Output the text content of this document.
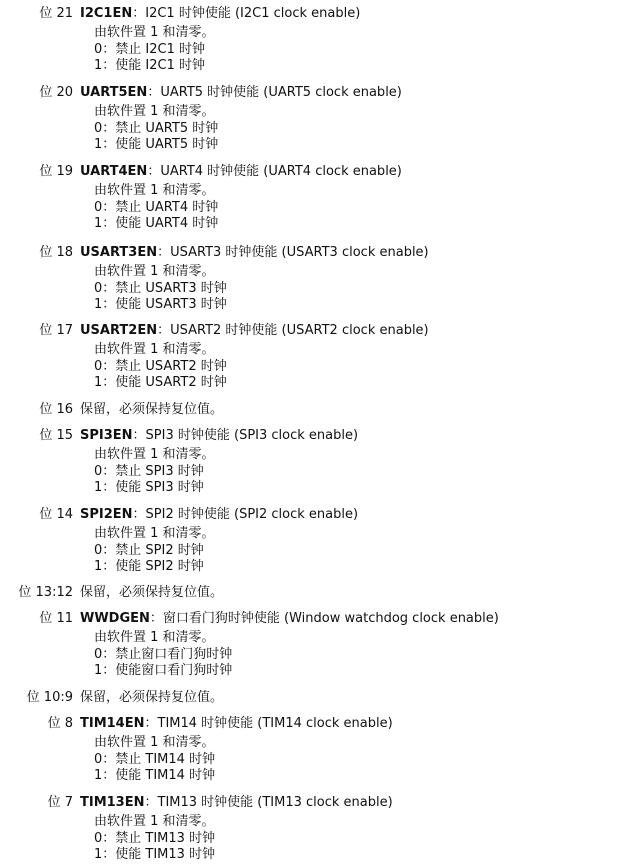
位 21 I2C1EN：I2C1 时钟使能 (I2C1 clock enable)
由软件置 1 和清零。
0：禁止 I2C1 时钟
1：使能 I2C1 时钟
位 20 UART5EN：UART5 时钟使能 (UART5 clock enable)
由软件置 1 和清零。
0：禁止 UART5 时钟
1：使能 UART5 时钟
位 19 UART4EN：UART4 时钟使能 (UART4 clock enable)
由软件置 1 和清零。
0：禁止 UART4 时钟
1：使能 UART4 时钟
位 18 USART3EN：USART3 时钟使能 (USART3 clock enable)
由软件置 1 和清零。
0：禁止 USART3 时钟
1：使能 USART3 时钟
位 17 USART2EN：USART2 时钟使能 (USART2 clock enable)
由软件置 1 和清零。
0：禁止 USART2 时钟
1：使能 USART2 时钟
位 16 保留，必须保持复位值。
位 15 SPI3EN：SPI3 时钟使能 (SPI3 clock enable)
由软件置 1 和清零。
0：禁止 SPI3 时钟
1：使能 SPI3 时钟
位 14 SPI2EN：SPI2 时钟使能 (SPI2 clock enable)
由软件置 1 和清零。
0：禁止 SPI2 时钟
1：使能 SPI2 时钟
位 13:12 保留，必须保持复位值。
位 11 WWDGEN：窗口看门狗时钟使能 (Window watchdog clock enable)
由软件置 1 和清零。
0：禁止窗口看门狗时钟
1：使能窗口看门狗时钟
位 10:9 保留，必须保持复位值。
位 8 TIM14EN：TIM14 时钟使能 (TIM14 clock enable)
由软件置 1 和清零。
0：禁止 TIM14 时钟
1：使能 TIM14 时钟
位 7 TIM13EN：TIM13 时钟使能 (TIM13 clock enable)
由软件置 1 和清零。
0：禁止 TIM13 时钟
1：使能 TIM13 时钟
